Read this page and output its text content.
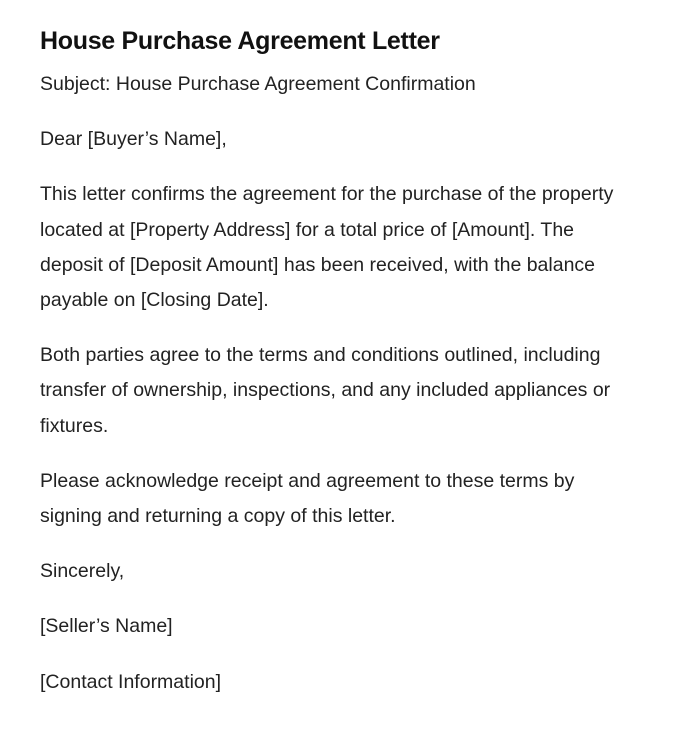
House Purchase Agreement Letter

Subject: House Purchase Agreement Confirmation

Dear [Buyer’s Name],

This letter confirms the agreement for the purchase of the property located at [Property Address] for a total price of [Amount]. The deposit of [Deposit Amount] has been received, with the balance payable on [Closing Date].

Both parties agree to the terms and conditions outlined, including transfer of ownership, inspections, and any included appliances or fixtures.

Please acknowledge receipt and agreement to these terms by signing and returning a copy of this letter.

Sincerely,

[Seller’s Name]

[Contact Information]
